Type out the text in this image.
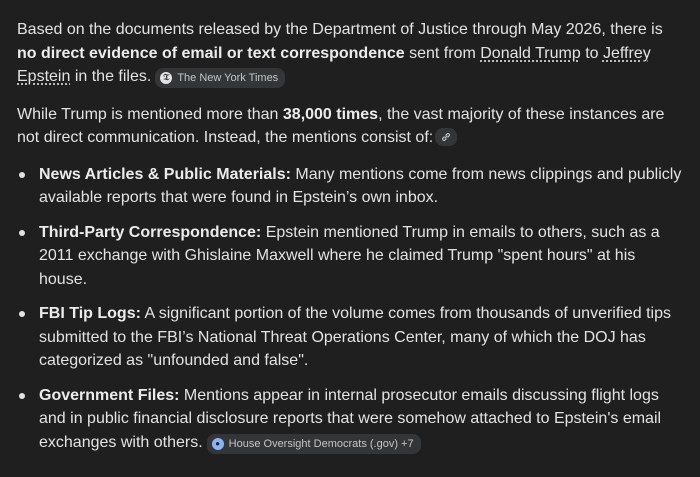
Based on the documents released by the Department of Justice through May 2026, there is no direct evidence of email or text correspondence sent from Donald Trump to Jeffrey Epstein in the files.	𝔗 The New York Times

While Trump is mentioned more than 38,000 times, the vast majority of these instances are not direct communication. Instead, the mentions consist of:

News Articles & Public Materials: Many mentions come from news clippings and publicly available reports that were found in Epstein’s own inbox.
Third-Party Correspondence: Epstein mentioned Trump in emails to others, such as a 2011 exchange with Ghislaine Maxwell where he claimed Trump "spent hours" at his house.
FBI Tip Logs: A significant portion of the volume comes from thousands of unverified tips submitted to the FBI’s National Threat Operations Center, many of which the DOJ has categorized as "unfounded and false".
Government Files: Mentions appear in internal prosecutor emails discussing flight logs and in public financial disclosure reports that were somehow attached to Epstein's email exchanges with others.	● House Oversight Democrats (.gov) +7
